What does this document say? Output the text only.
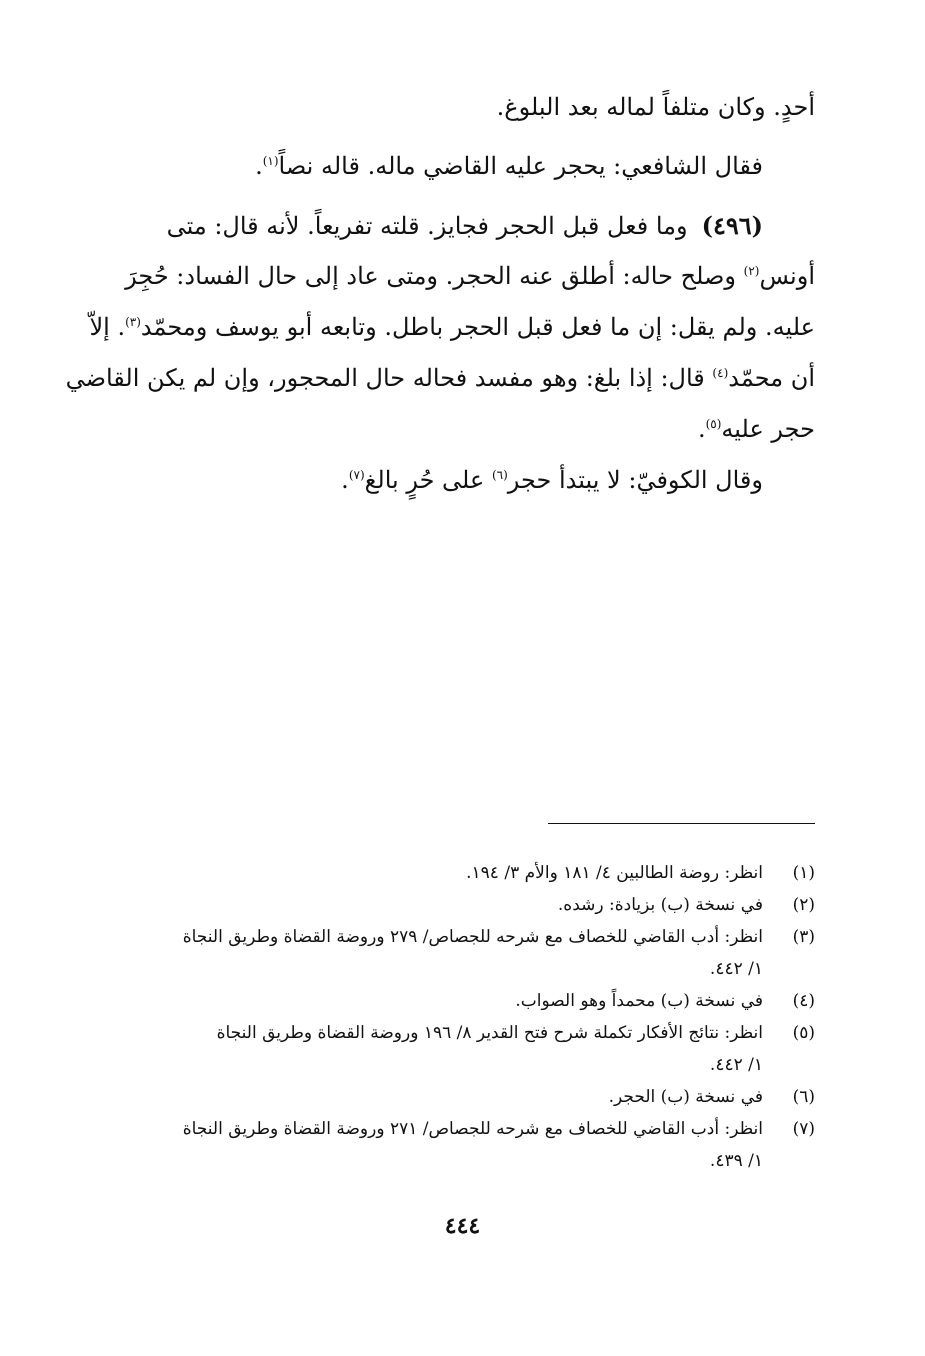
أحدٍ. وكان متلفاً لماله بعد البلوغ.
فقال الشافعي: يحجر عليه القاضي ماله. قاله نصاً$^{(١)}$.
(٤٩٦)وما فعل قبل الحجر فجايز. قلته تفريعاً. لأنه قال: متى
أونس$^{(٢)}$ وصلح حاله: أطلق عنه الحجر. ومتى عاد إلى حال الفساد: حُجِرَ
عليه. ولم يقل: إن ما فعل قبل الحجر باطل. وتابعه أبو يوسف ومحمّد$^{(٣)}$. إلاّ
أن محمّد$^{(٤)}$ قال: إذا بلغ: وهو مفسد فحاله حال المحجور، وإن لم يكن القاضي
حجر عليه$^{(٥)}$.
وقال الكوفيّ: لا يبتدأ حجر$^{(٦)}$ على حُرٍ بالغ$^{(٧)}$.
(١)
انظر: روضة الطالبين ٤/ ١٨١ والأم ٣/ ١٩٤.
(٢)
في نسخة (ب) بزيادة: رشده.
(٣)
انظر: أدب القاضي للخصاف مع شرحه للجصاص/ ٢٧٩ وروضة القضاة وطريق النجاة
١/ ٤٤٢.
(٤)
في نسخة (ب) محمداً وهو الصواب.
(٥)
انظر: نتائج الأفكار تكملة شرح فتح القدير ٨/ ١٩٦ وروضة القضاة وطريق النجاة
١/ ٤٤٢.
(٦)
في نسخة (ب) الحجر.
(٧)
انظر: أدب القاضي للخصاف مع شرحه للجصاص/ ٢٧١ وروضة القضاة وطريق النجاة
١/ ٤٣٩.
٤٤٤
